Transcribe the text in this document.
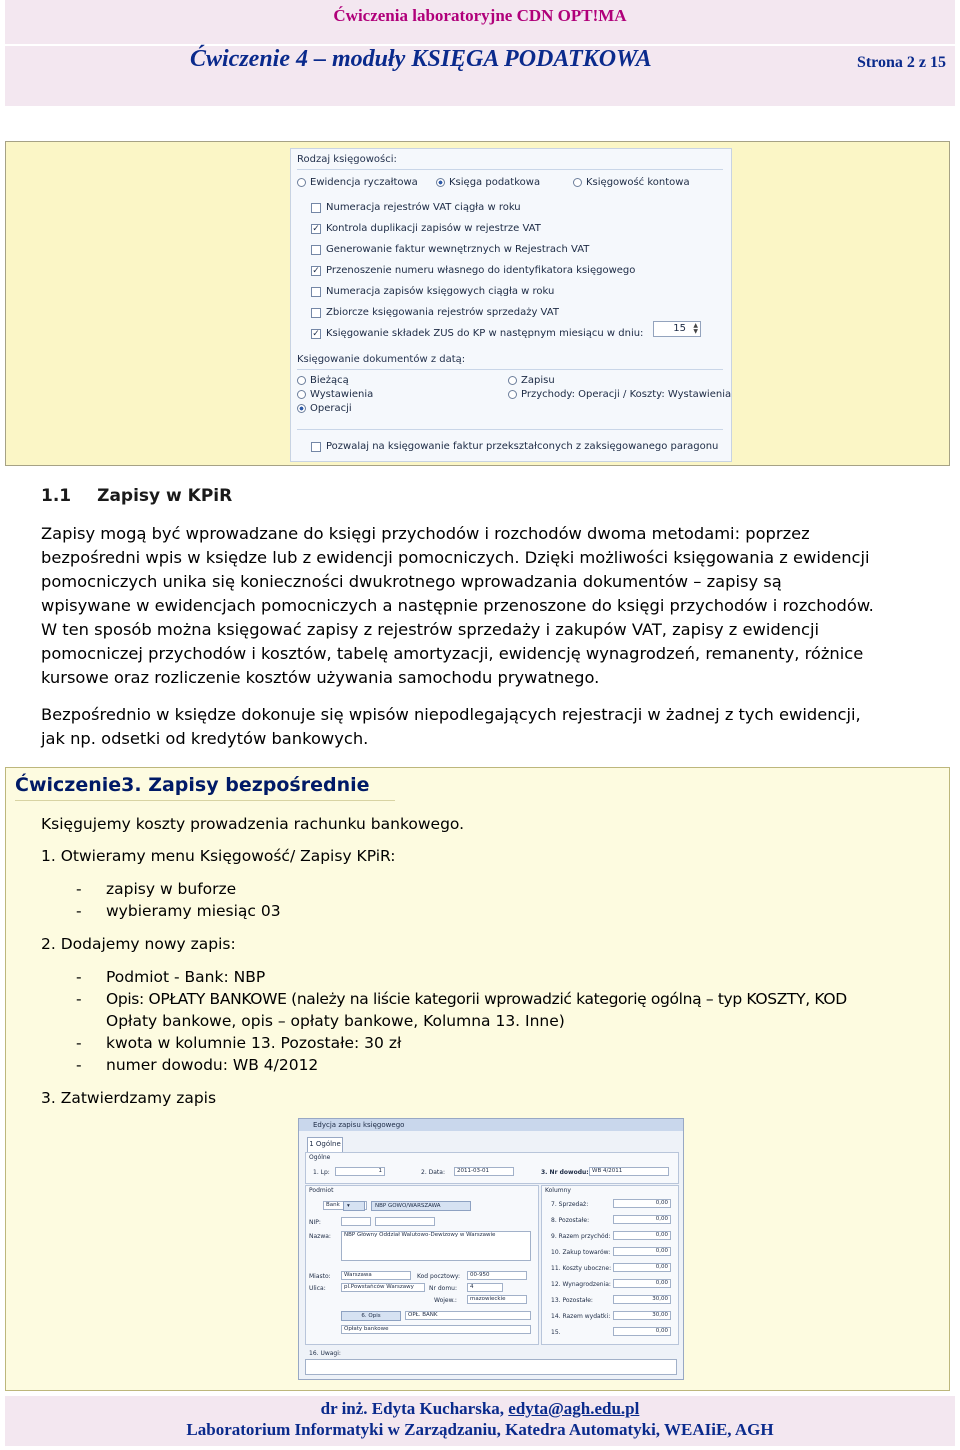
Ćwiczenia laboratoryjne CDN OPT!MA
Ćwiczenie 4 – moduły KSIĘGA PODATKOWA	Strona 2 z 15
Rodzaj księgowości:
Ewidencja ryczałtowa	Księga podatkowa	Księgowość kontowa
Numeracja rejestrów VAT ciągła w roku
✓ Kontrola duplikacji zapisów w rejestrze VAT
Generowanie faktur wewnętrznych w Rejestrach VAT
✓ Przenoszenie numeru własnego do identyfikatora księgowego
Numeracja zapisów księgowych ciągła w roku
Zbiorcze księgowania rejestrów sprzedaży VAT
✓ Księgowanie składek ZUS do KP w następnym miesiącu w dniu:	15 ▲
▼
Księgowanie dokumentów z datą:
Bieżącą
Wystawienia
Operacji
Zapisu
Przychody: Operacji / Koszty: Wystawienia
Pozwalaj na księgowanie faktur przekształconych z zaksięgowanego paragonu
1.1 Zapisy w KPiR
Zapisy mogą być wprowadzane do księgi przychodów i rozchodów dwoma metodami: poprzez
bezpośredni wpis w księdze lub z ewidencji pomocniczych. Dzięki możliwości księgowania z ewidencji
pomocniczych unika się konieczności dwukrotnego wprowadzania dokumentów – zapisy są
wpisywane w ewidencjach pomocniczych a następnie przenoszone do księgi przychodów i rozchodów.
W ten sposób można księgować zapisy z rejestrów sprzedaży i zakupów VAT, zapisy z ewidencji
pomocniczej przychodów i kosztów, tabelę amortyzacji, ewidencję wynagrodzeń, remanenty, różnice
kursowe oraz rozliczenie kosztów używania samochodu prywatnego.
Bezpośrednio w księdze dokonuje się wpisów niepodlegających rejestracji w żadnej z tych ewidencji,
jak np. odsetki od kredytów bankowych.
Ćwiczenie3. Zapisy bezpośrednie
Księgujemy koszty prowadzenia rachunku bankowego.
1. Otwieramy menu Księgowość/ Zapisy KPiR:
- zapisy w buforze
- wybieramy miesiąc 03
2. Dodajemy nowy zapis:
- Podmiot - Bank: NBP
- Opis: OPŁATY BANKOWE (należy na liście kategorii wprowadzić kategorię ogólną – typ KOSZTY, KOD
Opłaty bankowe, opis – opłaty bankowe, Kolumna 13. Inne)
- kwota w kolumnie 13. Pozostałe: 30 zł
- numer dowodu: WB 4/2012
3. Zatwierdzamy zapis
Edycja zapisu księgowego
1 Ogólne
Ogólne
1. Lp:	1	2. Data:	2011-03-01	3. Nr dowodu: WB 4/2011
Podmiot
Bank	▾	NBP GOWO/WARSZAWA
NIP:
Nazwa:	NBP Główny Oddział Walutowo-Dewizowy w Warszawie
Miasto:	Warszawa	Kod pocztowy:	00-950
Ulica:	pl.Powstańców Warszawy	Nr domu:	4
Wojew.:	mazowieckie
6. Opis	OPŁ. BANK
Opłaty bankowe
Kolumny
7. Sprzedaż:	0,00
8. Pozostałe:	0,00
9. Razem przychód:	0,00
10. Zakup towarów:	0,00
11. Koszty uboczne:	0,00
12. Wynagrodzenia:	0,00
13. Pozostałe:	30,00
14. Razem wydatki:	30,00
15.	0,00
16. Uwagi:
dr inż. Edyta Kucharska, edyta@agh.edu.pl
Laboratorium Informatyki w Zarządzaniu, Katedra Automatyki, WEAIiE, AGH
